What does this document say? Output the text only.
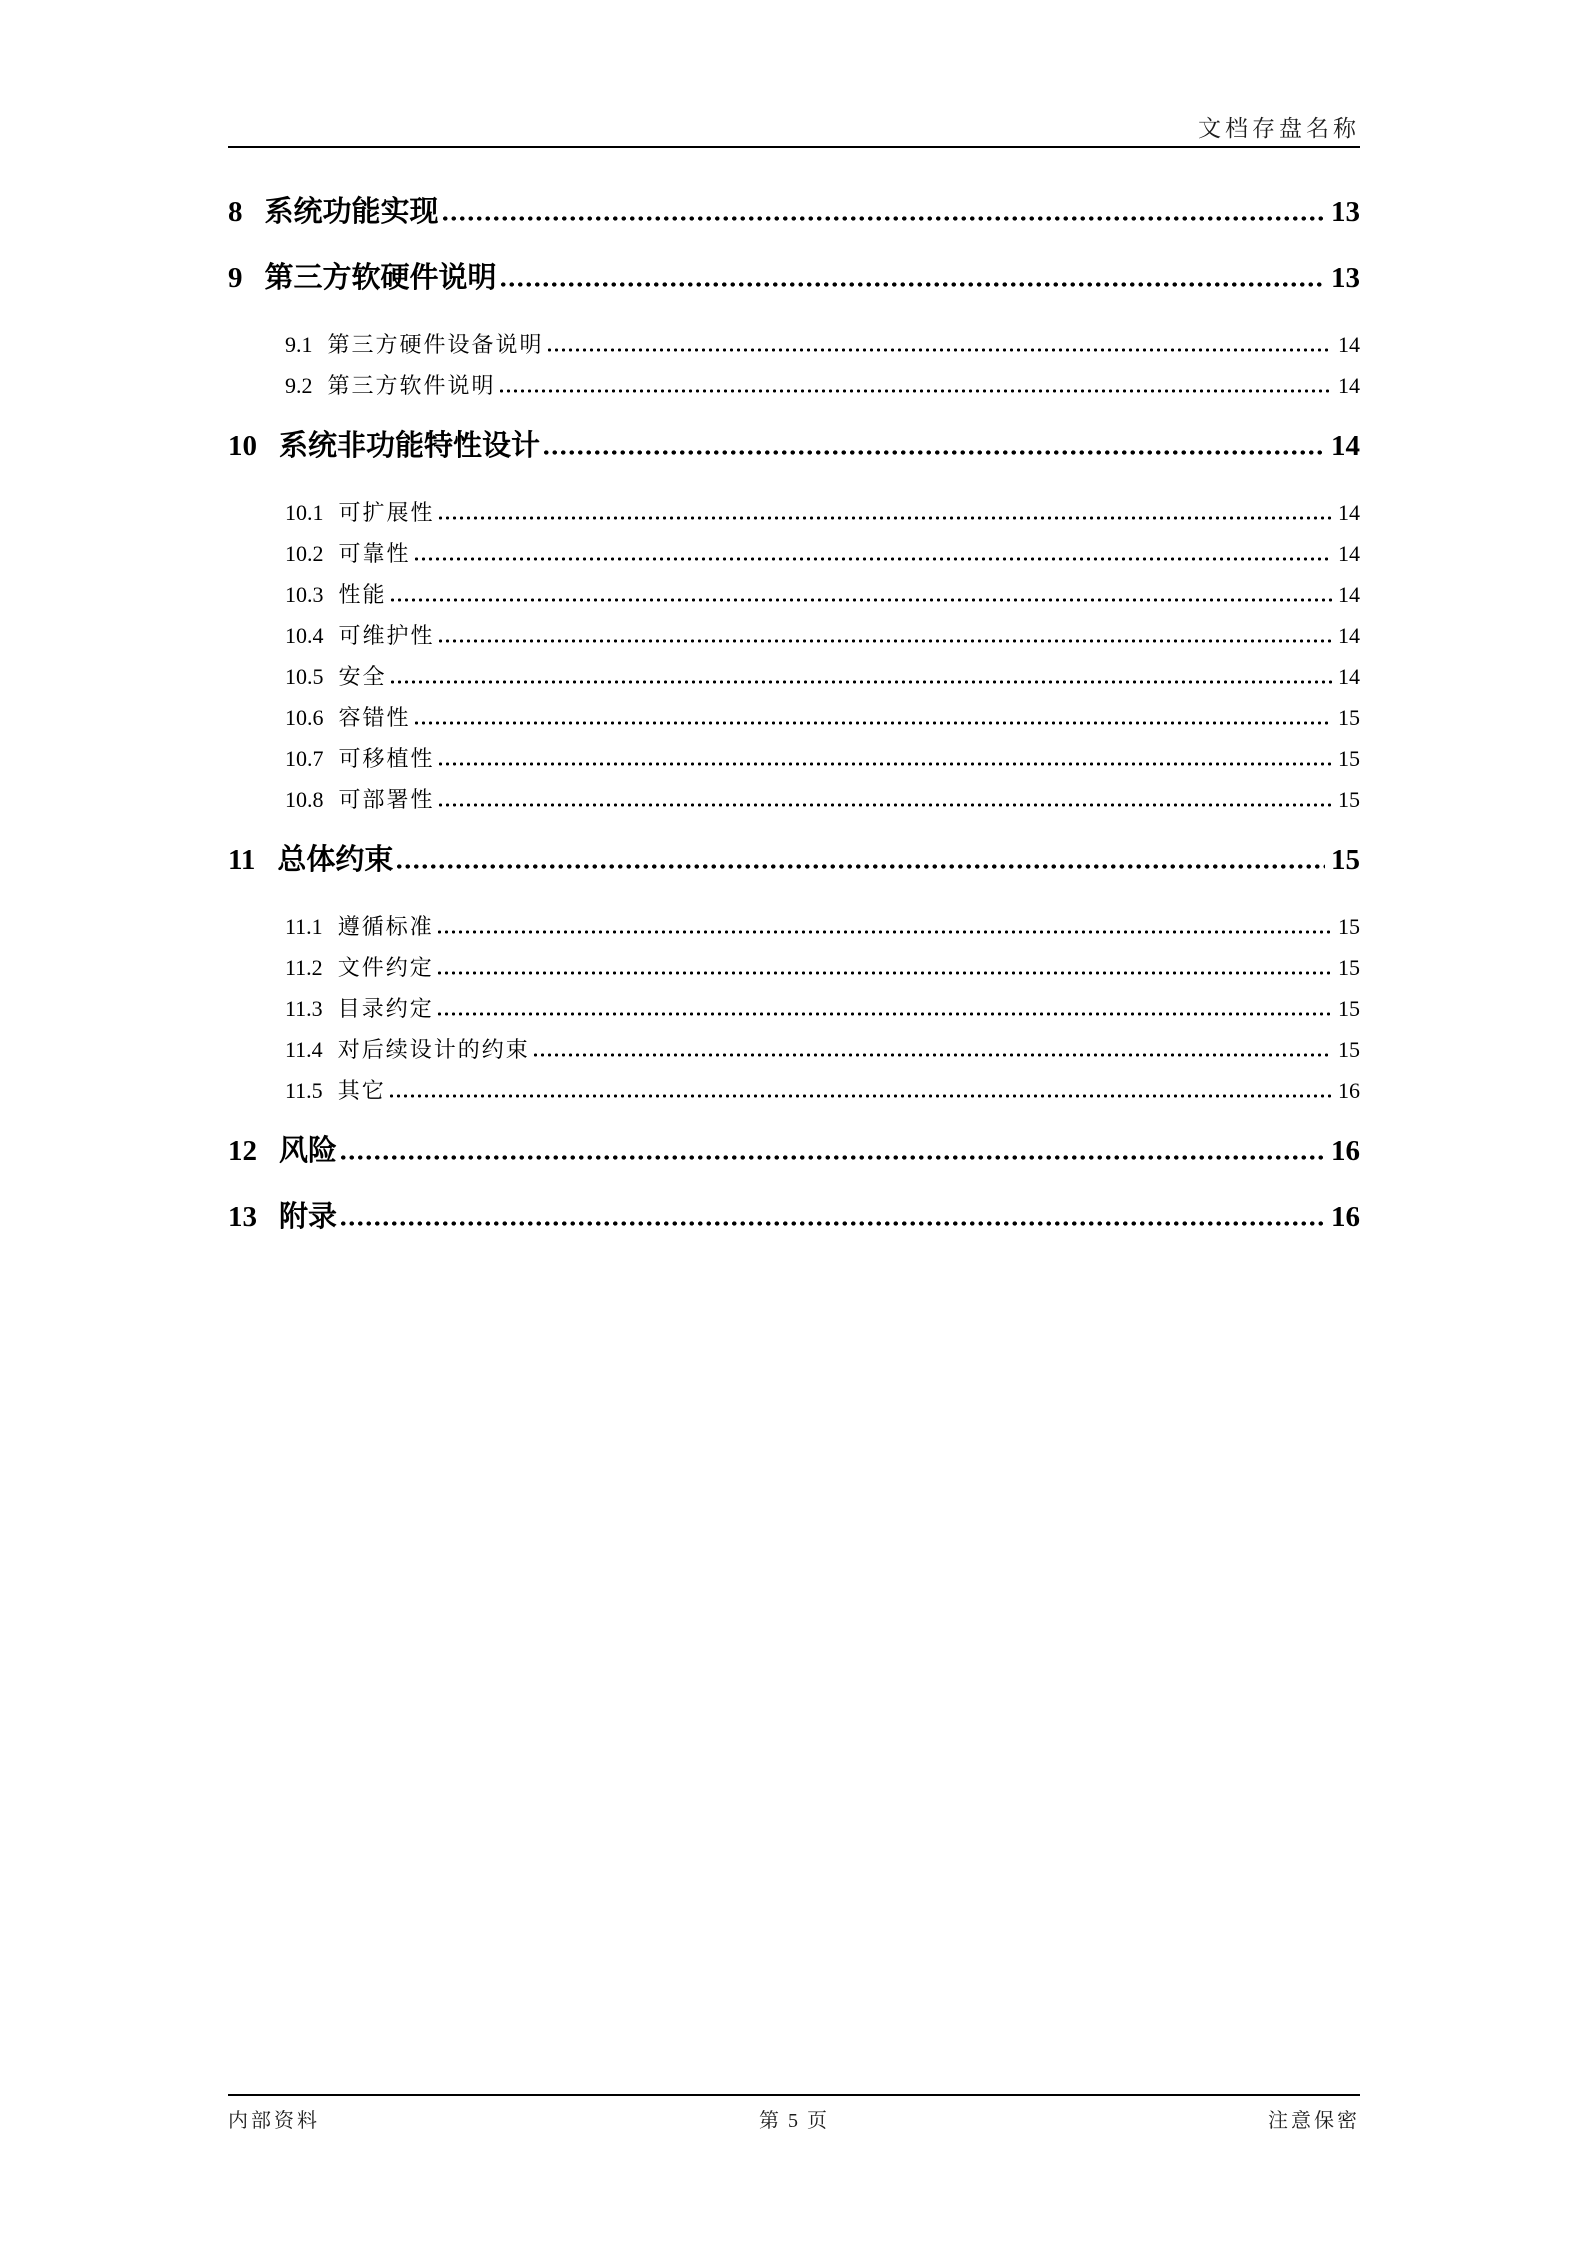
文档存盘名称
8 系统功能实现	13
9 第三方软硬件说明	13
9.1 第三方硬件设备说明	14
9.2 第三方软件说明	14
10 系统非功能特性设计	14
10.1 可扩展性	14
10.2 可靠性	14
10.3 性能	14
10.4 可维护性	14
10.5 安全	14
10.6 容错性	15
10.7 可移植性	15
10.8 可部署性	15
11 总体约束	15
11.1 遵循标准	15
11.2 文件约定	15
11.3 目录约定	15
11.4 对后续设计的约束	15
11.5 其它	16
12 风险	16
13 附录	16
内部资料	第 5 页	注意保密
